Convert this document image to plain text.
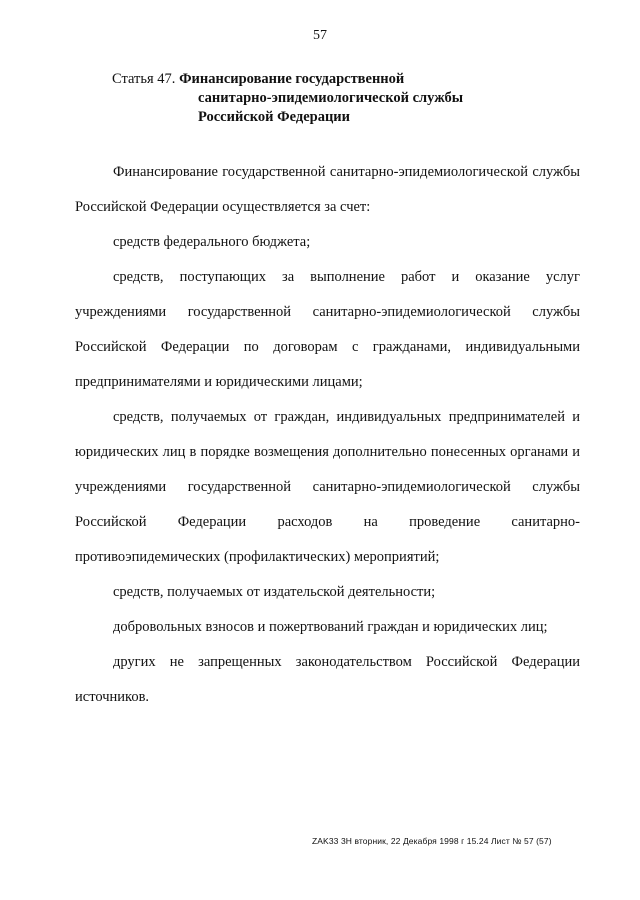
57
Статья 47. Финансирование государственной
санитарно-эпидемиологической службы
Российской Федерации

Финансирование государственной санитарно-эпидемиологической службы Российской Федерации осуществляется за счет:

средств федерального бюджета;

средств, поступающих за выполнение работ и оказание услуг учреждениями государственной санитарно-эпидемиологической службы Российской Федерации по договорам с гражданами, индивидуальными предпринимателями и юридическими лицами;

средств, получаемых от граждан, индивидуальных предпринимателей и юридических лиц в порядке возмещения дополнительно понесенных органами и учреждениями государственной санитарно-эпидемиологической службы Российской Федерации расходов на проведение санитарно-противоэпидемических (профилактических) мероприятий;

средств, получаемых от издательской деятельности;

добровольных взносов и пожертвований граждан и юридических лиц;

других не запрещенных законодательством Российской Федерации источников.

ZAK33 3H вторник, 22 Декабря 1998 г 15.24 Лист № 57 (57)
